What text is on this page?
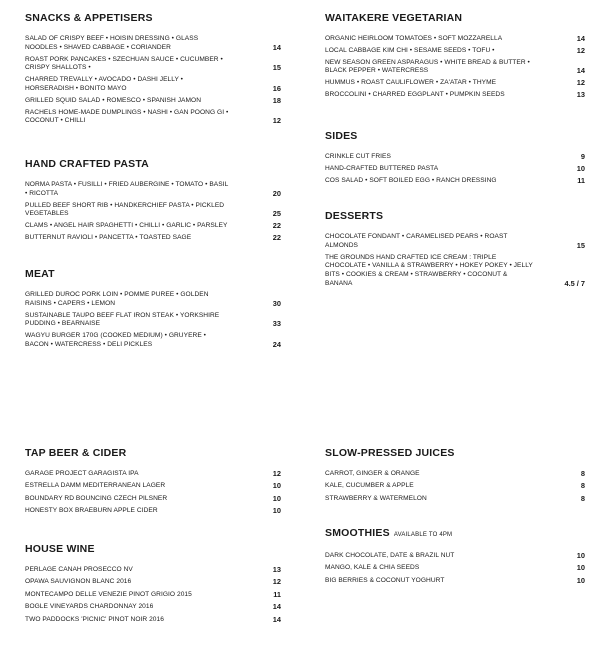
SNACKS & APPETISERS
SALAD OF CRISPY BEEF • HOISIN DRESSING • GLASS NOODLES • SHAVED CABBAGE • CORIANDER	14
ROAST PORK PANCAKES • SZECHUAN SAUCE • CUCUMBER • CRISPY SHALLOTS •	15
CHARRED TREVALLY • AVOCADO • DASHI JELLY • HORSERADISH • BONITO MAYO	16
GRILLED SQUID SALAD • ROMESCO • SPANISH JAMON	18
RACHELS HOME-MADE DUMPLINGS • NASHI • GAN POONG GI • COCONUT • CHILLI	12
HAND CRAFTED PASTA
NORMA PASTA • FUSILLI • FRIED AUBERGINE • TOMATO • BASIL • RICOTTA	20
PULLED BEEF SHORT RIB • HANDKERCHIEF PASTA • PICKLED VEGETABLES	25
CLAMS • ANGEL HAIR SPAGHETTI • CHILLI • GARLIC • PARSLEY	22
BUTTERNUT RAVIOLI • PANCETTA • TOASTED SAGE	22
MEAT
GRILLED DUROC PORK LOIN • POMME PUREE • GOLDEN RAISINS • CAPERS • LEMON	30
SUSTAINABLE TAUPO BEEF FLAT IRON STEAK • YORKSHIRE PUDDING • BEARNAISE	33
WAGYU BURGER 170G (COOKED MEDIUM) • GRUYERE • BACON • WATERCRESS • DELI PICKLES	24
TAP BEER & CIDER
GARAGE PROJECT GARAGISTA IPA	12
ESTRELLA DAMM MEDITERRANEAN LAGER	10
BOUNDARY RD BOUNCING CZECH PILSNER	10
HONESTY BOX BRAEBURN APPLE CIDER	10
HOUSE WINE
PERLAGE CANAH PROSECCO NV	13
OPAWA SAUVIGNON BLANC 2016	12
MONTECAMPO DELLE VENEZIE PINOT GRIGIO 2015	11
BOGLE VINEYARDS CHARDONNAY 2016	14
TWO PADDOCKS 'PICNIC' PINOT NOIR 2016	14
WAITAKERE VEGETARIAN
ORGANIC HEIRLOOM TOMATOES • SOFT MOZZARELLA	14
LOCAL CABBAGE KIM CHI • SESAME SEEDS • TOFU •	12
NEW SEASON GREEN ASPARAGUS • WHITE BREAD & BUTTER • BLACK PEPPER • WATERCRESS	14
HUMMUS • ROAST CAULIFLOWER • ZA'ATAR • THYME	12
BROCCOLINI • CHARRED EGGPLANT • PUMPKIN SEEDS	13
SIDES
CRINKLE CUT FRIES	9
HAND-CRAFTED BUTTERED PASTA	10
COS SALAD • SOFT BOILED EGG • RANCH DRESSING	11
DESSERTS
CHOCOLATE FONDANT • CARAMELISED PEARS • ROAST ALMONDS	15
THE GROUNDS HAND CRAFTED ICE CREAM : TRIPLE CHOCOLATE • VANILLA & STRAWBERRY • HOKEY POKEY • JELLY BITS • COOKIES & CREAM • STRAWBERRY • COCONUT & BANANA	4.5 / 7
SLOW-PRESSED JUICES
CARROT, GINGER & ORANGE	8
KALE, CUCUMBER & APPLE	8
STRAWBERRY & WATERMELON	8
SMOOTHIES AVAILABLE TO 4PM
DARK CHOCOLATE, DATE & BRAZIL NUT	10
MANGO, KALE & CHIA SEEDS	10
BIG BERRIES & COCONUT YOGHURT	10
